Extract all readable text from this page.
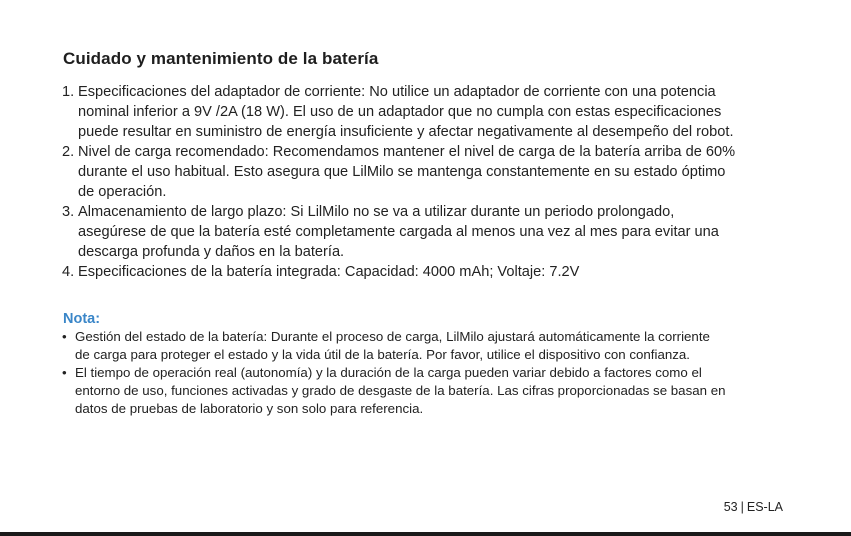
Cuidado y mantenimiento de la batería
1. Especificaciones del adaptador de corriente: No utilice un adaptador de corriente con una potencia
nominal inferior a 9V /2A (18 W). El uso de un adaptador que no cumpla con estas especificaciones
puede resultar en suministro de energía insuficiente y afectar negativamente al desempeño del robot.
2. Nivel de carga recomendado: Recomendamos mantener el nivel de carga de la batería arriba de 60%
durante el uso habitual. Esto asegura que LilMilo se mantenga constantemente en su estado óptimo
de operación.
3. Almacenamiento de largo plazo: Si LilMilo no se va a utilizar durante un periodo prolongado,
asegúrese de que la batería esté completamente cargada al menos una vez al mes para evitar una
descarga profunda y daños en la batería.
4. Especificaciones de la batería integrada: Capacidad: 4000 mAh; Voltaje: 7.2V
Nota:
• Gestión del estado de la batería: Durante el proceso de carga, LilMilo ajustará automáticamente la corriente
de carga para proteger el estado y la vida útil de la batería. Por favor, utilice el dispositivo con confianza.
• El tiempo de operación real (autonomía) y la duración de la carga pueden variar debido a factores como el
entorno de uso, funciones activadas y grado de desgaste de la batería. Las cifras proporcionadas se basan en
datos de pruebas de laboratorio y son solo para referencia.
53 | ES-LA
